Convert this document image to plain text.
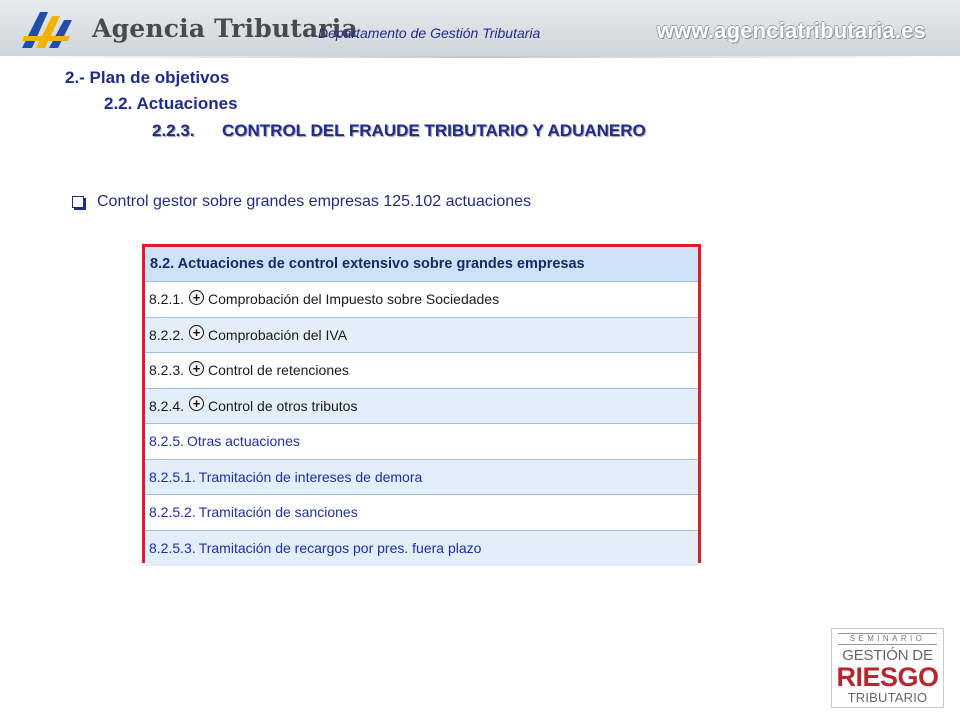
Agencia Tributaria
Departamento de Gestión Tributaria	www.agenciatributaria.es
2.- Plan de objetivos
2.2. Actuaciones
2.2.3. CONTROL DEL FRAUDE TRIBUTARIO Y ADUANERO
Control gestor sobre grandes empresas 125.102 actuaciones
8.2. Actuaciones de control extensivo sobre grandes empresas
8.2.1. + Comprobación del Impuesto sobre Sociedades
8.2.2. + Comprobación del IVA
8.2.3. + Control de retenciones
8.2.4. + Control de otros tributos
8.2.5. Otras actuaciones
8.2.5.1. Tramitación de intereses de demora
8.2.5.2. Tramitación de sanciones
8.2.5.3. Tramitación de recargos por pres. fuera plazo
SEMINARIO
GESTIÓN DE
RIESGO
TRIBUTARIO
